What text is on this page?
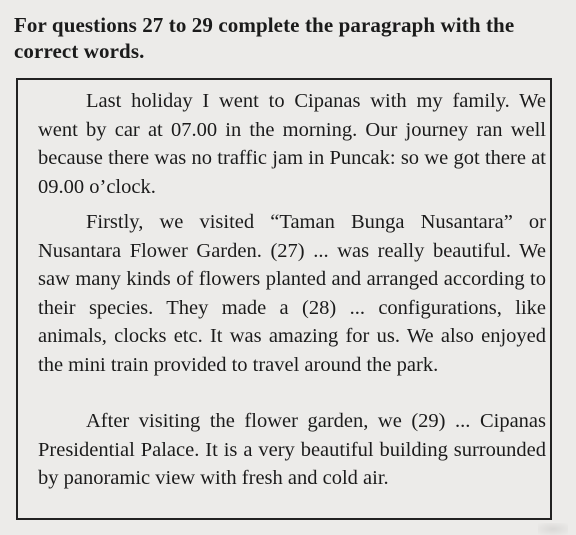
For questions 27 to 29 complete the paragraph with the correct words.

Last holiday I went to Cipanas with my family. We went by car at 07.00 in the morning. Our journey ran well because there was no traffic jam in Puncak: so we got there at 09.00 o’clock.

Firstly, we visited “Taman Bunga Nusantara” or Nusantara Flower Garden. (27) ... was really beautiful. We saw many kinds of flowers planted and arranged according to their species. They made a (28) ... configurations, like animals, clocks etc. It was amazing for us. We also enjoyed the mini train provided to travel around the park.

After visiting the flower garden, we (29) ... Cipanas Presidential Palace. It is a very beautiful building surrounded by panoramic view with fresh and cold air.
